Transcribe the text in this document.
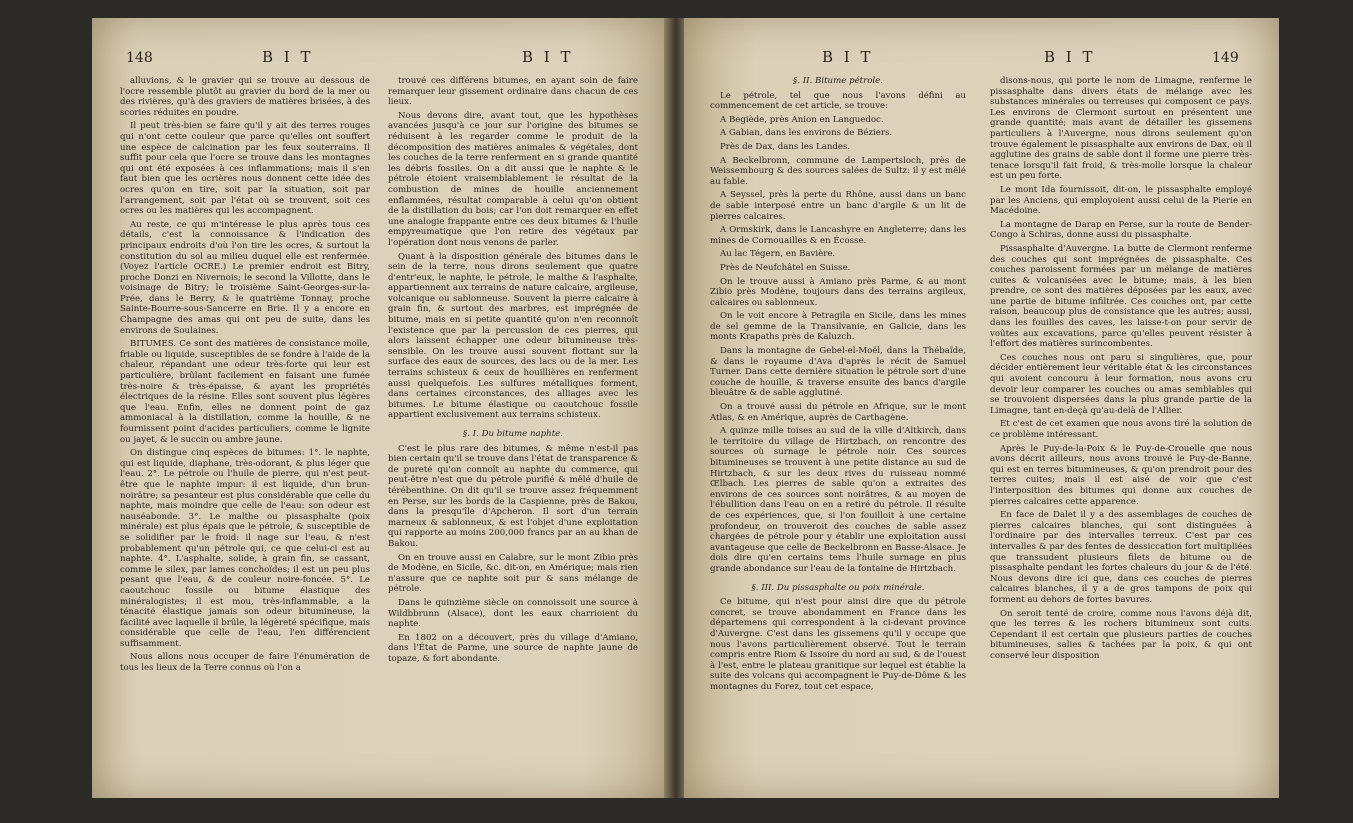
148	B I T	B I T

alluvions, & le gravier qui se trouve au dessous de l'ocre ressemble plutôt au gravier du bord de la mer ou des rivières, qu'à des graviers de matières brisées, à des scories réduites en poudre.

Il peut très-bien se faire qu'il y ait des terres rouges qui n'ont cette couleur que parce qu'elles ont souffert une espèce de calcination par les feux souterrains. Il suffit pour cela que l'ocre se trouve dans les montagnes qui ont été exposées à ces inflammations; mais il s'en faut bien que les ocrières nous donnent cette idée des ocres qu'on en tire, soit par la situation, soit par l'arrangement, soit par l'état où se trouvent, soit ces ocres ou les matières qui les accompagnent.

Au reste, ce qui m'intéresse le plus après tous ces détails, c'est la connoissance & l'indication des principaux endroits d'où l'on tire les ocres, & surtout la constitution du sol au milieu duquel elle est renfermée. (Voyez l'article OCRE.) Le premier endroit est Bitry, proche Donzi en Nivernois; le second la Villotte, dans le voisinage de Bitry; le troisième Saint-Georges-sur-la-Prée, dans le Berry, & le quatrième Tonnay, proche Sainte-Bourre-sous-Sancerre en Brie. Il y a encore en Champagne des amas qui ont peu de suite, dans les environs de Soulaines.

BITUMES. Ce sont des matières de consistance molle, friable ou liquide, susceptibles de se fondre à l'aide de la chaleur, répandant une odeur très-forte qui leur est particulière, brûlant facilement en faisant une fumée très-noire & très-épaisse, & ayant les propriétés électriques de la résine. Elles sont souvent plus légères que l'eau. Enfin, elles ne donnent point de gaz ammoniacal à la distillation, comme la houille, & ne fournissent point d'acides particuliers, comme le lignite ou jayet, & le succin ou ambre jaune.

On distingue cinq espèces de bitumes: 1°. le naphte, qui est liquide, diaphane, très-odorant, & plus léger que l'eau. 2°. Le pétrole ou l'huile de pierre, qui n'est peut-être que le naphte impur: il est liquide, d'un brun-noirâtre; sa pesanteur est plus considérable que celle du naphte, mais moindre que celle de l'eau: son odeur est nauséabonde. 3°. Le malthe ou pissasphalte (poix minérale) est plus épais que le pétrole, & susceptible de se solidifier par le froid: il nage sur l'eau, & n'est probablement qu'un pétrole qui, ce que celui-ci est au naphte. 4°. L'asphalte, solide, à grain fin, se cassant, comme le silex, par lames conchoïdes; il est un peu plus pesant que l'eau, & de couleur noire-foncée. 5°. Le caoutchouc fossile ou bitume élastique des minéralogistes; il est mou, très-inflammable, a la ténacité élastique jamais son odeur bitumineuse, la facilité avec laquelle il brûle, la légèreté spécifique, mais considérable que celle de l'eau, l'en différencient suffisamment.

Nous allons nous occuper de faire l'énumération de tous les lieux de la Terre connus où l'on a

trouvé ces différens bitumes, en ayant soin de faire remarquer leur gissement ordinaire dans chacun de ces lieux.

Nous devons dire, avant tout, que les hypothèses avancées jusqu'à ce jour sur l'origine des bitumes se réduisent à les regarder comme le produit de la décomposition des matières animales & végétales, dont les couches de la terre renferment en si grande quantité les débris fossiles. On a dit aussi que le naphte & le pétrole étoient vraisemblablement le résultat de la combustion de mines de houille anciennement enflammées, résultat comparable à celui qu'on obtient de la distillation du bois; car l'on doit remarquer en effet une analogie frappante entre ces deux bitumes & l'huile empyreumatique que l'on retire des végétaux par l'opération dont nous venons de parler.

Quant à la disposition générale des bitumes dans le sein de la terre, nous dirons seulement que quatre d'entr'eux, le naphte, le pétrole, le malthe & l'asphalte, appartiennent aux terrains de nature calcaire, argileuse, volcanique ou sablonneuse. Souvent la pierre calcaire à grain fin, & surtout des marbres, est imprégnée de bitume, mais en si petite quantité qu'on n'en reconnoît l'existence que par la percussion de ces pierres, qui alors laissent échapper une odeur bitumineuse très-sensible. On les trouve aussi souvent flottant sur la surface des eaux de sources, des lacs ou de la mer. Les terrains schisteux & ceux de houillières en renferment aussi quelquefois. Les sulfures métalliques forment, dans certaines circonstances, des alliages avec les bitumes. Le bitume élastique ou caoutchouc fossile appartient exclusivement aux terrains schisteux.

§. I. Du bitume naphte.

C'est le plus rare des bitumes, & même n'est-il pas bien certain qu'il se trouve dans l'état de transparence & de pureté qu'on connoît au naphte du commerce, qui peut-être n'est que du pétrole purifié & mêlé d'huile de térébenthine. On dit qu'il se trouve assez fréquemment en Perse, sur les bords de la Caspienne, près de Bakou, dans la presqu'île d'Apcheron. Il sort d'un terrain marneux & sablonneux, & est l'objet d'une exploitation qui rapporte au moins 200,000 francs par an au khan de Bakou.

On en trouve aussi en Calabre, sur le mont Zibio près de Modène, en Sicile, &c. dit-on, en Amérique; mais rien n'assure que ce naphte soit pur & sans mélange de pétrole.

Dans le quinzième siècle on connoissoit une source à Wildbbrunn (Alsace), dont les eaux charrioient du naphte.

En 1802 on a découvert, près du village d'Amiano, dans l'État de Parme, une source de naphte jaune de topaze, & fort abondante.

B I T	B I T	149

§. II. Bitume pétrole.

Le pétrole, tel que nous l'avons défini au commencement de cet article, se trouve:

A Begiède, près Anion en Languedoc.

A Gabian, dans les environs de Béziers.

Près de Dax, dans les Landes.

A Beckelbronn, commune de Lampertsloch, près de Weissembourg & des sources salées de Sultz: il y est mêlé au fable.

A Seyssel, près la perte du Rhône, aussi dans un banc de sable interposé entre un banc d'argile & un lit de pierres calcaires.

A Ormskirk, dans le Lancashyre en Angleterre; dans les mines de Cornouailles & en Écosse.

Au lac Tégern, en Bavière.

Près de Neufchâtel en Suisse.

On le trouve aussi à Amiano près Parme, & au mont Zibio près Modène, toujours dans des terrains argileux, calcaires ou sablonneux.

On le voit encore à Petragila en Sicile, dans les mines de sel gemme de la Transilvanie, en Galicie, dans les monts Krapaths près de Kaluzch.

Dans la montagne de Gebel-el-Moël, dans la Thébaïde, & dans le royaume d'Ava d'après le récit de Samuel Turner. Dans cette dernière situation le pétrole sort d'une couche de houille, & traverse ensuite des bancs d'argile bleuâtre & de sable agglutiné.

On a trouvé aussi du pétrole en Afrique, sur le mont Atlas, & en Amérique, auprès de Carthagène.

A quinze mille toises au sud de la ville d'Altkirch, dans le territoire du village de Hirtzbach, on rencontre des sources où surnage le pétrole noir. Ces sources bitumineuses se trouvent à une petite distance au sud de Hirtzbach, & sur les deux rives du ruisseau nommé Œlbach. Les pierres de sable qu'on a extraites des environs de ces sources sont noirâtres, & au moyen de l'ébullition dans l'eau on en a retiré du pétrole. Il résulte de ces expériences, que, si l'on fouilloit à une certaine profondeur, on trouveroit des couches de sable assez chargées de pétrole pour y établir une exploitation aussi avantageuse que celle de Beckelbronn en Basse-Alsace. Je dois dire qu'en certains tems l'huile surnage en plus grande abondance sur l'eau de la fontaine de Hirtzbach.

§. III. Du pissasphalte ou poix minérale.

Ce bitume, qui n'est pour ainsi dire que du pétrole concret, se trouve abondamment en France dans les départemens qui correspondent à la ci-devant province d'Auvergne. C'est dans les gissemens qu'il y occupe que nous l'avons particulièrement observé. Tout le terrain compris entre Riom & Issoire du nord au sud, & de l'ouest à l'est, entre le plateau granitique sur lequel est établie la suite des volcans qui accompagnent le Puy-de-Dôme & les montagnes du Forez, tout cet espace,

disons-nous, qui porte le nom de Limagne, renferme le pissasphalte dans divers états de mélange avec les substances minérales ou terreuses qui composent ce pays. Les environs de Clermont surtout en présentent une grande quantité; mais avant de détailler les gissemens particuliers à l'Auvergne, nous dirons seulement qu'on trouve également le pissasphalte aux environs de Dax, où il agglutine des grains de sable dont il forme une pierre très-tenace lorsqu'il fait froid, & très-molle lorsque la chaleur est un peu forte.

Le mont Ida fournissoit, dit-on, le pissasphalte employé par les Anciens, qui employoient aussi celui de la Pierie en Macédoine.

La montagne de Darap en Perse, sur la route de Bender-Congo à Schiras, donne aussi du pissasphalte.

Pissasphalte d'Auvergne. La butte de Clermont renferme des couches qui sont imprégnées de pissasphalte. Ces couches paroissent formées par un mélange de matières cuites & volcanisées avec le bitume; mais, à les bien prendre, ce sont des matières déposées par les eaux, avec une partie de bitume infiltrée. Ces couches ont, par cette raison, beaucoup plus de consistance que les autres; aussi, dans les fouilles des caves, les laisse-t-on pour servir de voûtes aux excavations, parce qu'elles peuvent résister à l'effort des matières surincombentes.

Ces couches nous ont paru si singulières, que, pour décider entièrement leur véritable état & les circonstances qui avoient concouru à leur formation, nous avons cru devoir leur comparer les couches ou amas semblables qui se trouvoient dispersées dans la plus grande partie de la Limagne, tant en-deçà qu'au-delà de l'Allier.

Et c'est de cet examen que nous avons tiré la solution de ce problème intéressant.

Après le Puy-de-la-Poix & le Puy-de-Crouelle que nous avons décrit ailleurs, nous avons trouvé le Puy-de-Banne, qui est en terres bitumineuses, & qu'on prendroit pour des terres cuites; mais il est aisé de voir que c'est l'interposition des bitumes qui donne aux couches de pierres calcaires cette apparence.

En face de Dalet il y a des assemblages de couches de pierres calcaires blanches, qui sont distinguées à l'ordinaire par des intervalles terreux. C'est par ces intervalles & par des fentes de dessiccation fort multipliées que transsudent plusieurs filets de bitume ou de pissasphalte pendant les fortes chaleurs du jour & de l'été. Nous devons dire ici que, dans ces couches de pierres calcaires blanches, il y a de gros tampons de poix qui forment au dehors de fortes bavures.

On seroit tenté de croire, comme nous l'avons déjà dit, que les terres & les rochers bitumineux sont cuits. Cependant il est certain que plusieurs parties de couches bitumineuses, salies & tachées par la poix, & qui ont conservé leur disposition
